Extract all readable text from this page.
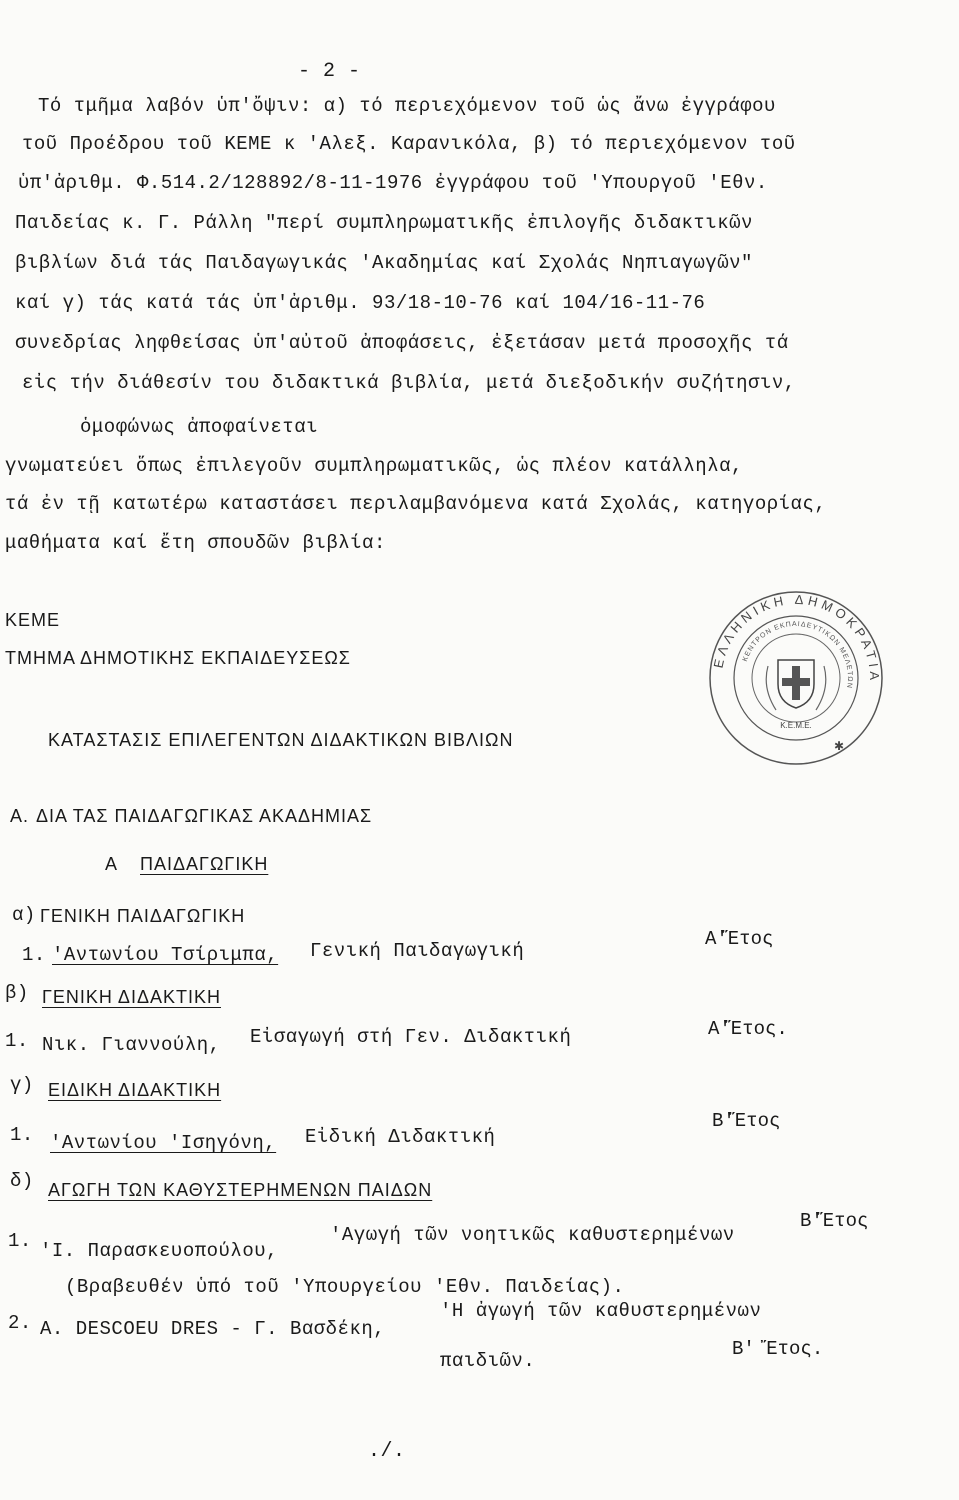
- 2 -
Τό τμῆμα λαβόν ὑπ'ὄψιν: α) τό περιεχόμενον τοῦ ὡς ἄνω ἐγγράφου
τοῦ Προέδρου τοῦ ΚΕΜΕ κ 'Αλεξ. Καρανικόλα, β) τό περιεχόμενον τοῦ
ὑπ'ἀριθμ. Φ.514.2/128892/8-11-1976 ἐγγράφου τοῦ 'Υπουργοῦ 'Εθν.
Παιδείας κ. Γ. Ράλλη "περί συμπληρωματικῆς ἐπιλογῆς διδακτικῶν
βιβλίων διά τάς Παιδαγωγικάς 'Ακαδημίας καί Σχολάς Νηπιαγωγῶν"
καί γ) τάς κατά τάς ὑπ'ἀριθμ. 93/18-10-76 καί 104/16-11-76
συνεδρίας ληφθείσας ὑπ'αὐτοῦ ἀποφάσεις, ἐξετάσαν μετά προσοχῆς τά
εἰς τήν διάθεσίν του διδακτικά βιβλία, μετά διεξοδικήν συζήτησιν,
ὁμοφώνως ἀποφαίνεται
γνωματεύει ὅπως ἐπιλεγοῦν συμπληρωματικῶς, ὡς πλέον κατάλληλα,
τά ἐν τῇ κατωτέρω καταστάσει περιλαμβανόμενα κατά Σχολάς, κατηγορίας,
μαθήματα καί ἔτη σπουδῶν βιβλία:
ΚΕΜΕ
ΤΜΗΜΑ ΔΗΜΟΤΙΚΗΣ ΕΚΠΑΙΔΕΥΣΕΩΣ
ΚΑΤΑΣΤΑΣΙΣ ΕΠΙΛΕΓΕΝΤΩΝ ΔΙΔΑΚΤΙΚΩΝ ΒΙΒΛΙΩΝ
Α. ΔΙΑ ΤΑΣ ΠΑΙΔΑΓΩΓΙΚΑΣ ΑΚΑΔΗΜΙΑΣ
Α ΠΑΙΔΑΓΩΓΙΚΗ
α) ΓΕΝΙΚΗ ΠΑΙΔΑΓΩΓΙΚΗ
1. 'Αντωνίου Τσίριμπα, Γενική Παιδαγωγική
Α'Ἔτος
β) ΓΕΝΙΚΗ ΔΙΔΑΚΤΙΚΗ
1. Νικ. Γιαννούλη, Εἰσαγωγή στή Γεν. Διδακτική	Α'Ἔτος.
γ) ΕΙΔΙΚΗ ΔΙΔΑΚΤΙΚΗ
1. 'Αντωνίου 'Ισηγόνη, Εἰδική Διδακτική
Β'Ἔτος
δ) ΑΓΩΓΗ ΤΩΝ ΚΑΘΥΣΤΕΡΗΜΕΝΩΝ ΠΑΙΔΩΝ
1. 'Ι. Παρασκευοπούλου,
'Αγωγή τῶν νοητικῶς καθυστερημένων
Β'Ἔτος
(Βραβευθέν ὑπό τοῦ 'Υπουργείου 'Εθν. Παιδείας).
2. Α. DESCOEU DRES - Γ. Βασδέκη,
'Η ἀγωγή τῶν καθυστερημένων
παιδιῶν.
Β' Ἔτος.
./.
ΕΛΛΗΝΙΚΗ ΔΗΜΟΚΡΑΤΙΑ
ΚΕΝΤΡΟΝ ΕΚΠΑΙΔΕΥΤΙΚΩΝ ΜΕΛΕΤΩΝ
Κ.Ε.Μ.Ε.
✱
